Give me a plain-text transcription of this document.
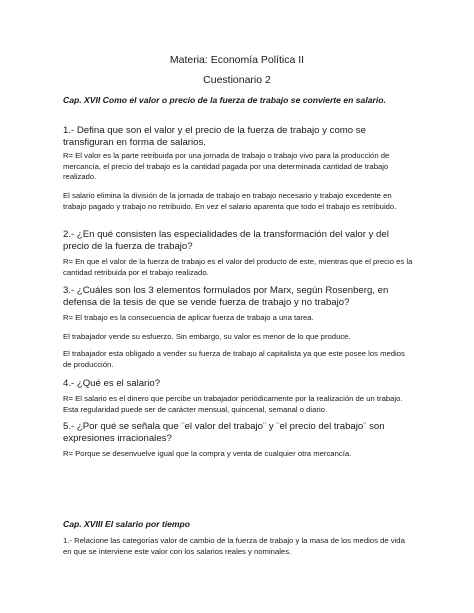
Materia: Economía Política II
Cuestionario 2
Cap. XVII Como el valor o precio de la fuerza de trabajo se convierte en salario.
1.- Defina que son el valor y el precio de la fuerza de trabajo y como se transfiguran en forma de salarios.
R= El valor es la parte retribuida por una jornada de trabajo o trabajo vivo para la producción de mercancía, el precio del trabajo es la cantidad pagada por una determinada cantidad de trabajo realizado.
El salario elimina la división de la jornada de trabajo en trabajo necesario y trabajo excedente en trabajo pagado y trabajo no retribuido. En vez el salario aparenta que todo el trabajo es retribuido.
2.- ¿En qué consisten las especialidades de la transformación del valor y del precio de la fuerza de trabajo?
R= En que el valor de la fuerza de trabajo es el valor del producto de este, mientras que el precio es la cantidad retribuida por el trabajo realizado.
3.- ¿Cuáles son los 3 elementos formulados por Marx, según Rosenberg, en defensa de la tesis de que se vende fuerza de trabajo y no trabajo?
R= El trabajo es la consecuencia de aplicar fuerza de trabajo a una tarea.
El trabajador vende su esfuerzo. Sin embargo, su valor es menor de lo que produce.
El trabajador esta obligado a vender su fuerza de trabajo al capitalista ya que este posee los medios de producción.
4.- ¿Qué es el salario?
R= El salario es el dinero que percibe un trabajador periódicamente por la realización de un trabajo. Esta regularidad puede ser de carácter mensual, quincenal, semanal o diario.
5.- ¿Por qué se señala que ¨el valor del trabajo¨ y ¨el precio del trabajo¨ son expresiones irracionales?
R= Porque se desenvuelve igual que la compra y venta de cualquier otra mercancía.
Cap. XVIII El salario por tiempo
1.- Relacione las categorías valor de cambio de la fuerza de trabajo y la masa de los medios de vida en que se interviene este valor con los salarios reales y nominales.
